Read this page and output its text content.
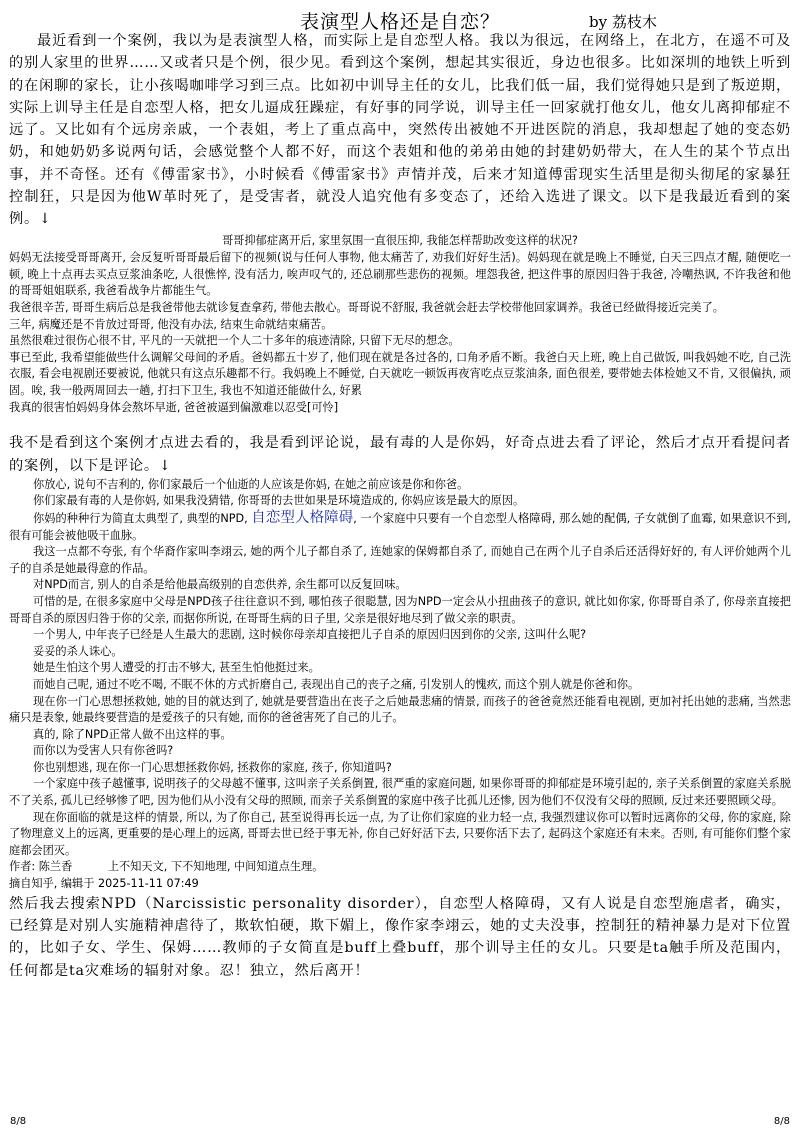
表演型人格还是自恋？	by 荔枝木

最近看到一个案例，我以为是表演型人格，而实际上是自恋型人格。我以为很远，在网络上，在北方，在遥不可及的别人家里的世界……又或者只是个例，很少见。看到这个案例，想起其实很近，身边也很多。比如深圳的地铁上听到的在闲聊的家长，让小孩喝咖啡学习到三点。比如初中训导主任的女儿，比我们低一届，我们觉得她只是到了叛逆期，实际上训导主任是自恋型人格，把女儿逼成狂躁症，有好事的同学说，训导主任一回家就打他女儿，他女儿离抑郁症不远了。又比如有个远房亲戚，一个表姐，考上了重点高中，突然传出被她不开进医院的消息，我却想起了她的变态奶奶，和她奶奶多说两句话，会感觉整个人都不好，而这个表姐和他的弟弟由她的封建奶奶带大，在人生的某个节点出事，并不奇怪。还有《傅雷家书》，小时候看《傅雷家书》声情并茂，后来才知道傅雷现实生活里是彻头彻尾的家暴狂控制狂，只是因为他W革时死了，是受害者，就没人追究他有多变态了，还给入选进了课文。以下是我最近看到的案例。↓

哥哥抑郁症离开后, 家里氛围一直很压抑, 我能怎样帮助改变这样的状况?

妈妈无法接受哥哥离开, 会反复听哥哥最后留下的视频(说与任何人事物, 他太痛苦了, 劝我们好好生活)。妈妈现在就是晚上不睡觉, 白天三四点才醒, 随便吃一顿, 晚上十点再去买点豆浆油条吃, 人很憔悴, 没有活力, 唉声叹气的, 还总刷那些悲伤的视频。埋怨我爸, 把这件事的原因归咎于我爸, 冷嘲热讽, 不许我爸和他的哥哥姐姐联系, 我爸看战争片都能生气。

我爸很辛苦, 哥哥生病后总是我爸带他去就诊复查拿药, 带他去散心。哥哥说不舒服, 我爸就会赶去学校带他回家调养。我爸已经做得接近完美了。

三年, 病魔还是不肯放过哥哥, 他没有办法, 结束生命就结束痛苦。

虽然很难过很伤心很不甘, 平凡的一天就把一个人二十多年的痕迹清除, 只留下无尽的想念。

事已至此, 我希望能做些什么调解父母间的矛盾。爸妈都五十岁了, 他们现在就是各过各的, 口角矛盾不断。我爸白天上班, 晚上自己做饭, 叫我妈她不吃, 自己洗衣服, 看会电视剧还要被说, 他就只有这点乐趣都不行。我妈晚上不睡觉, 白天就吃一顿饭再夜宵吃点豆浆油条, 面色很差, 要带她去体检她又不肯, 又很偏执, 顽固。唉, 我一般两周回去一趟, 打扫下卫生, 我也不知道还能做什么, 好累

我真的很害怕妈妈身体会熬坏早逝, 爸爸被逼到偏激难以忍受[可怜]

我不是看到这个案例才点进去看的，我是看到评论说，最有毒的人是你妈，好奇点进去看了评论，然后才点开看提问者的案例，以下是评论。↓

你放心, 说句不吉利的, 你们家最后一个仙逝的人应该是你妈, 在她之前应该是你和你爸。

你们家最有毒的人是你妈, 如果我没猜错, 你哥哥的去世如果是环境造成的, 你妈应该是最大的原因。

你妈的种种行为简直太典型了, 典型的NPD, 自恋型人格障碍, 一个家庭中只要有一个自恋型人格障碍, 那么她的配偶, 子女就倒了血霉, 如果意识不到, 很有可能会被他吸干血脉。

我这一点都不夸张, 有个华裔作家叫李翊云, 她的两个儿子都自杀了, 连她家的保姆都自杀了, 而她自己在两个儿子自杀后还活得好好的, 有人评价她两个儿子的自杀是她最得意的作品。

对NPD而言, 别人的自杀是给他最高级别的自恋供养, 余生都可以反复回味。

可惜的是, 在很多家庭中父母是NPD孩子往往意识不到, 哪怕孩子很聪慧, 因为NPD一定会从小扭曲孩子的意识, 就比如你家, 你哥哥自杀了, 你母亲直接把哥哥自杀的原因归咎于你的父亲, 而据你所说, 在哥哥生病的日子里, 父亲是很好地尽到了做父亲的职责。

一个男人, 中年丧子已经是人生最大的悲剧, 这时候你母亲却直接把儿子自杀的原因归因到你的父亲, 这叫什么呢?

妥妥的杀人诛心。

她是生怕这个男人遭受的打击不够大, 甚至生怕他挺过来。

而她自己呢, 通过不吃不喝, 不眠不休的方式折磨自己, 表现出自己的丧子之痛, 引发别人的愧疚, 而这个别人就是你爸和你。

现在你一门心思想拯救她, 她的目的就达到了, 她就是要营造出在丧子之后她最悲痛的情景, 而孩子的爸爸竟然还能看电视剧, 更加衬托出她的悲痛, 当然悲痛只是表象, 她最终要营造的是爱孩子的只有她, 而你的爸爸害死了自己的儿子。

真的, 除了NPD正常人做不出这样的事。

而你以为受害人只有你爸吗?

你也别想逃, 现在你一门心思想拯救你妈, 拯救你的家庭, 孩子, 你知道吗?

一个家庭中孩子越懂事, 说明孩子的父母越不懂事, 这叫亲子关系倒置, 很严重的家庭问题, 如果你哥哥的抑郁症是环境引起的, 亲子关系倒置的家庭关系脱不了关系, 孤儿已经够惨了吧, 因为他们从小没有父母的照顾, 而亲子关系倒置的家庭中孩子比孤儿还惨, 因为他们不仅没有父母的照顾, 反过来还要照顾父母。

现在你面临的就是这样的情景, 所以, 为了你自己, 甚至说得再长远一点, 为了让你们家庭的业力轻一点, 我强烈建议你可以暂时远离你的父母, 你的家庭, 除了物理意义上的远离, 更重要的是心理上的远离, 哥哥去世已经于事无补, 你自己好好活下去, 只要你活下去了, 起码这个家庭还有未来。否则, 有可能你们整个家庭都会团灭。

作者: 陈兰香          上不知天文, 下不知地理, 中间知道点生理。

摘自知乎, 编辑于 2025-11-11 07:49

然后我去搜索NPD（Narcissistic personality disorder），自恋型人格障碍，又有人说是自恋型施虐者，确实，已经算是对别人实施精神虐待了，欺软怕硬，欺下媚上，像作家李翊云，她的丈夫没事，控制狂的精神暴力是对下位置的，比如子女、学生、保姆……教师的子女简直是buff上叠buff，那个训导主任的女儿。只要是ta触手所及范围内，任何都是ta灾难场的辐射对象。忍！独立，然后离开！

8/8	8/8
